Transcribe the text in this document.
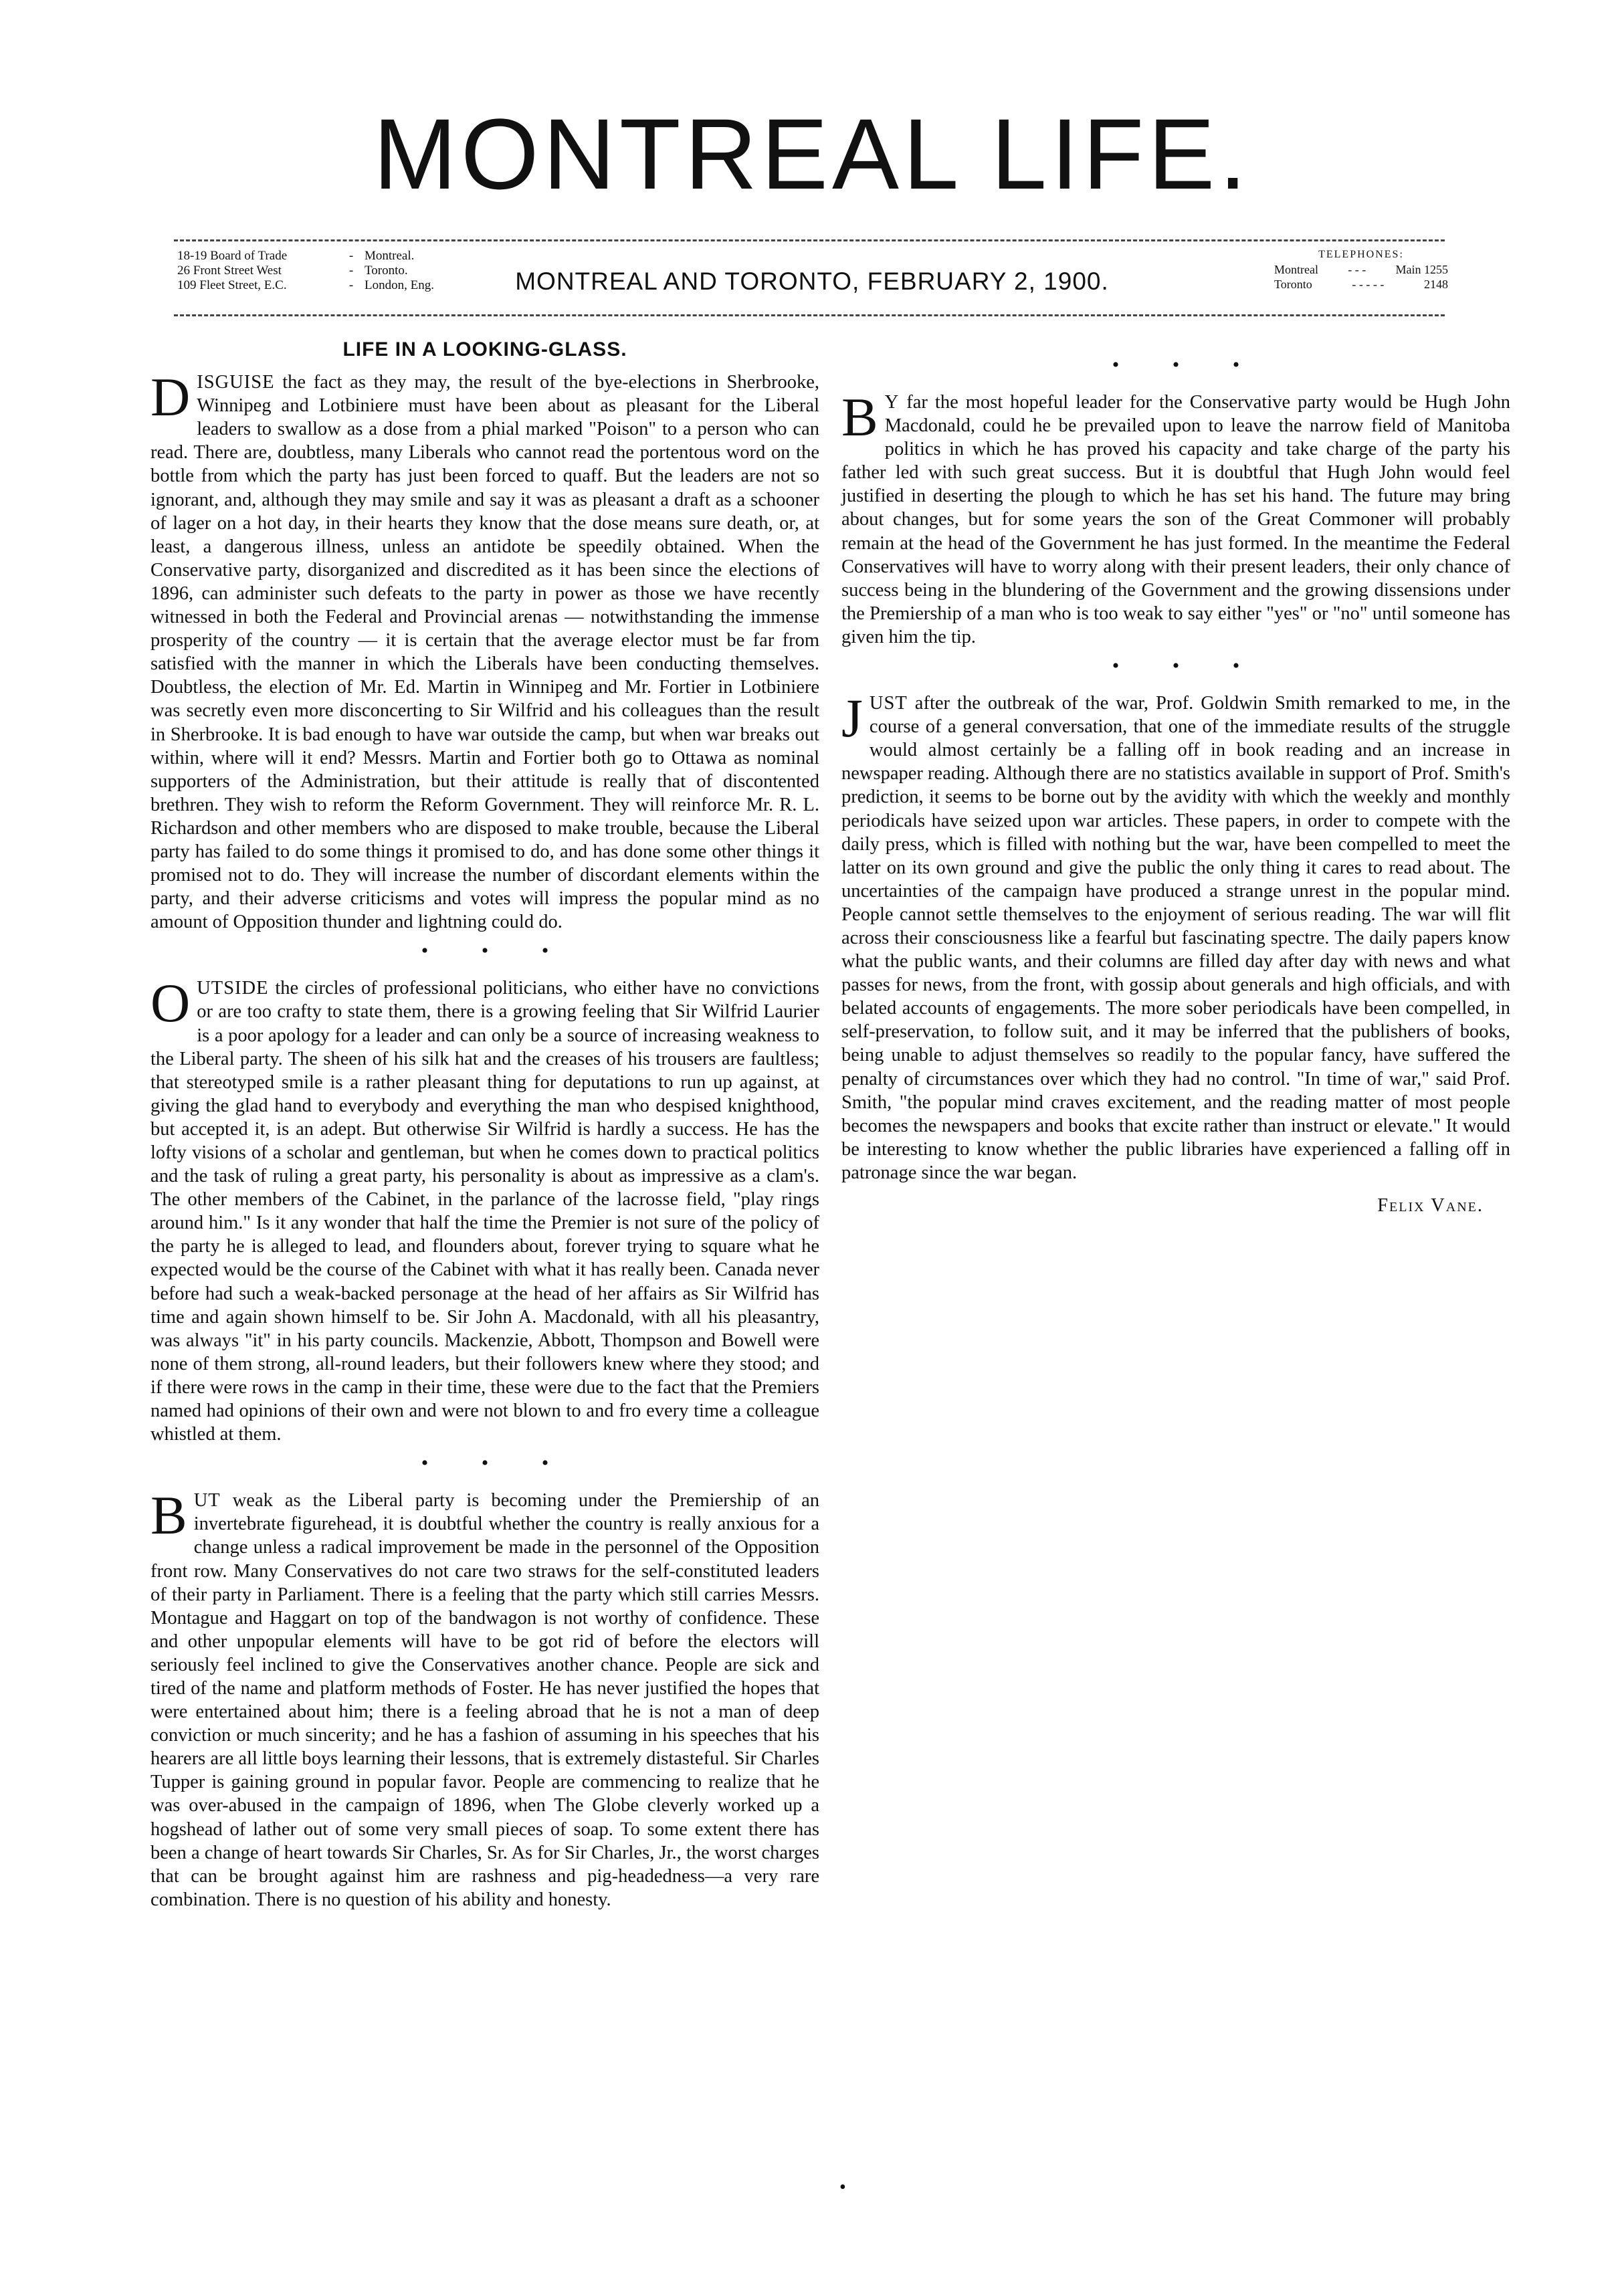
MONTREAL LIFE.
18-19 Board of Trade	- Montreal.
26 Front Street West	- Toronto.
109 Fleet Street, E.C.	- London, Eng.	MONTREAL AND TORONTO, FEBRUARY 2, 1900.
TELEPHONES:
Montreal - - - Main 1255
Toronto	- - - - -	2148
LIFE IN A LOOKING-GLASS.

DISGUISE the fact as they may, the result of the bye-elections in Sherbrooke, Winnipeg and Lotbiniere must have been about as pleasant for the Liberal leaders to swallow as a dose from a phial marked "Poison" to a person who can read. There are, doubtless, many Liberals who cannot read the portentous word on the bottle from which the party has just been forced to quaff. But the leaders are not so ignorant, and, although they may smile and say it was as pleasant a draft as a schooner of lager on a hot day, in their hearts they know that the dose means sure death, or, at least, a dangerous illness, unless an antidote be speedily obtained. When the Conservative party, disorganized and discredited as it has been since the elections of 1896, can administer such defeats to the party in power as those we have recently witnessed in both the Federal and Provincial arenas — notwithstanding the immense prosperity of the country — it is certain that the average elector must be far from satisfied with the manner in which the Liberals have been conducting themselves. Doubtless, the election of Mr. Ed. Martin in Winnipeg and Mr. Fortier in Lotbiniere was secretly even more disconcerting to Sir Wilfrid and his colleagues than the result in Sherbrooke. It is bad enough to have war outside the camp, but when war breaks out within, where will it end? Messrs. Martin and Fortier both go to Ottawa as nominal supporters of the Administration, but their attitude is really that of discontented brethren. They wish to reform the Reform Government. They will reinforce Mr. R. L. Richardson and other members who are disposed to make trouble, because the Liberal party has failed to do some things it promised to do, and has done some other things it promised not to do. They will increase the number of discordant elements within the party, and their adverse criticisms and votes will impress the popular mind as no amount of Opposition thunder and lightning could do.

• • •

OUTSIDE the circles of professional politicians, who either have no convictions or are too crafty to state them, there is a growing feeling that Sir Wilfrid Laurier is a poor apology for a leader and can only be a source of increasing weakness to the Liberal party. The sheen of his silk hat and the creases of his trousers are faultless; that stereotyped smile is a rather pleasant thing for deputations to run up against, at giving the glad hand to everybody and everything the man who despised knighthood, but accepted it, is an adept. But otherwise Sir Wilfrid is hardly a success. He has the lofty visions of a scholar and gentleman, but when he comes down to practical politics and the task of ruling a great party, his personality is about as impressive as a clam's. The other members of the Cabinet, in the parlance of the lacrosse field, "play rings around him." Is it any wonder that half the time the Premier is not sure of the policy of the party he is alleged to lead, and flounders about, forever trying to square what he expected would be the course of the Cabinet with what it has really been. Canada never before had such a weak-backed personage at the head of her affairs as Sir Wilfrid has time and again shown himself to be. Sir John A. Macdonald, with all his pleasantry, was always "it" in his party councils. Mackenzie, Abbott, Thompson and Bowell were none of them strong, all-round leaders, but their followers knew where they stood; and if there were rows in the camp in their time, these were due to the fact that the Premiers named had opinions of their own and were not blown to and fro every time a colleague whistled at them.

• • •

BUT weak as the Liberal party is becoming under the Premiership of an invertebrate figurehead, it is doubtful whether the country is really anxious for a change unless a radical improvement be made in the personnel of the Opposition front row. Many Conservatives do not care two straws for the self-constituted leaders of their party in Parliament. There is a feeling that the party which still carries Messrs. Montague and Haggart on top of the bandwagon is not worthy of confidence. These and other unpopular elements will have to be got rid of before the electors will seriously feel inclined to give the Conservatives another chance. People are sick and tired of the name and platform methods of Foster. He has never justified the hopes that were entertained about him; there is a feeling abroad that he is not a man of deep conviction or much sincerity; and he has a fashion of assuming in his speeches that his hearers are all little boys learning their lessons, that is extremely distasteful. Sir Charles Tupper is gaining ground in popular favor. People are commencing to realize that he was over-abused in the campaign of 1896, when The Globe cleverly worked up a hogshead of lather out of some very small pieces of soap. To some extent there has been a change of heart towards Sir Charles, Sr. As for Sir Charles, Jr., the worst charges that can be brought against him are rashness and pig-headedness—a very rare combination. There is no question of his ability and honesty.

• • •

B Y far the most hopeful leader for the Conservative party would be Hugh John Macdonald, could he be prevailed upon to leave the narrow field of Manitoba politics in which he has proved his capacity and take charge of the party his father led with such great success. But it is doubtful that Hugh John would feel justified in deserting the plough to which he has set his hand. The future may bring about changes, but for some years the son of the Great Commoner will probably remain at the head of the Government he has just formed. In the meantime the Federal Conservatives will have to worry along with their present leaders, their only chance of success being in the blundering of the Government and the growing dissensions under the Premiership of a man who is too weak to say either "yes" or "no" until someone has given him the tip.

• • •

JUST after the outbreak of the war, Prof. Goldwin Smith remarked to me, in the course of a general conversation, that one of the immediate results of the struggle would almost certainly be a falling off in book reading and an increase in newspaper reading. Although there are no statistics available in support of Prof. Smith's prediction, it seems to be borne out by the avidity with which the weekly and monthly periodicals have seized upon war articles. These papers, in order to compete with the daily press, which is filled with nothing but the war, have been compelled to meet the latter on its own ground and give the public the only thing it cares to read about. The uncertainties of the campaign have produced a strange unrest in the popular mind. People cannot settle themselves to the enjoyment of serious reading. The war will flit across their consciousness like a fearful but fascinating spectre. The daily papers know what the public wants, and their columns are filled day after day with news and what passes for news, from the front, with gossip about generals and high officials, and with belated accounts of engagements. The more sober periodicals have been compelled, in self-preservation, to follow suit, and it may be inferred that the publishers of books, being unable to adjust themselves so readily to the popular fancy, have suffered the penalty of circumstances over which they had no control. "In time of war," said Prof. Smith, "the popular mind craves excitement, and the reading matter of most people becomes the newspapers and books that excite rather than instruct or elevate." It would be interesting to know whether the public libraries have experienced a falling off in patronage since the war began.

Felix Vane.
•
